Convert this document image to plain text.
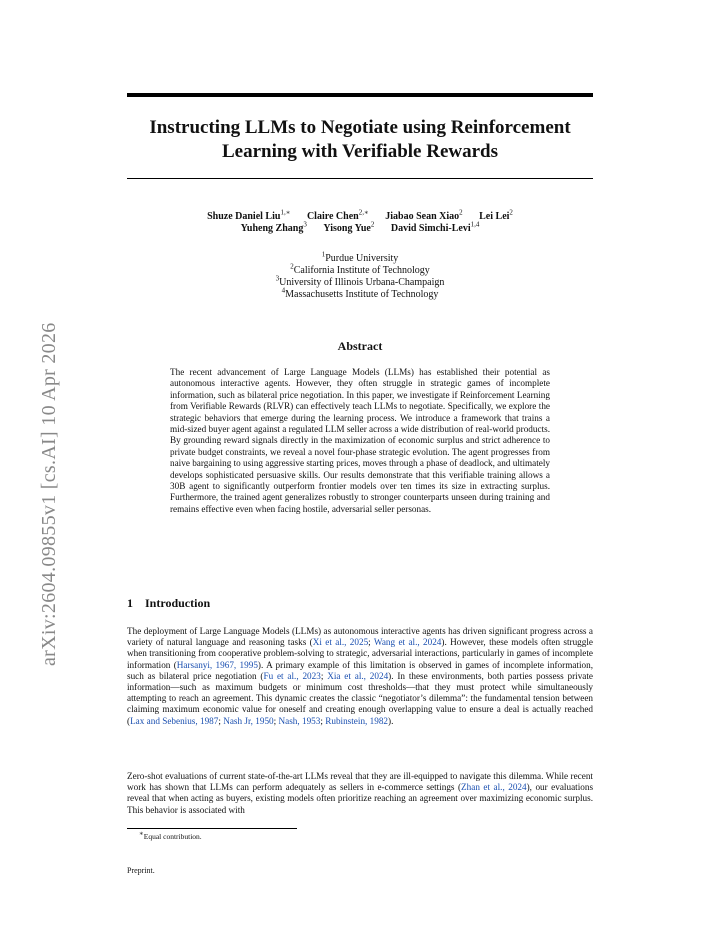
arXiv:2604.09855v1 [cs.AI] 10 Apr 2026
Instructing LLMs to Negotiate using Reinforcement Learning with Verifiable Rewards
Shuze Daniel Liu$^{1,∗}$ Claire Chen$^{2,∗}$ Jiabao Sean Xiao$^2$ Lei Lei$^2$
Yuheng Zhang$^3$ Yisong Yue$^2$ David Simchi-Levi$^{1,4}$
$^1$Purdue University
$^2$California Institute of Technology
$^3$University of Illinois Urbana-Champaign
$^4$Massachusetts Institute of Technology
Abstract
The recent advancement of Large Language Models (LLMs) has established their potential as autonomous interactive agents. However, they often struggle in strategic games of incomplete information, such as bilateral price negotiation. In this paper, we investigate if Reinforcement Learning from Verifiable Rewards (RLVR) can effectively teach LLMs to negotiate. Specifically, we explore the strategic behaviors that emerge during the learning process. We introduce a framework that trains a mid-sized buyer agent against a regulated LLM seller across a wide distribution of real-world products. By grounding reward signals directly in the maximization of economic surplus and strict adherence to private budget constraints, we reveal a novel four-phase strategic evolution. The agent progresses from naive bargaining to using aggressive starting prices, moves through a phase of deadlock, and ultimately develops sophisticated persuasive skills. Our results demonstrate that this verifiable training allows a 30B agent to significantly outperform frontier models over ten times its size in extracting surplus. Furthermore, the trained agent generalizes robustly to stronger counterparts unseen during training and remains effective even when facing hostile, adversarial seller personas.
1 Introduction
The deployment of Large Language Models (LLMs) as autonomous interactive agents has driven significant progress across a variety of natural language and reasoning tasks (Xi et al., 2025; Wang et al., 2024). However, these models often struggle when transitioning from cooperative problem-solving to strategic, adversarial interactions, particularly in games of incomplete information (Harsanyi, 1967, 1995). A primary example of this limitation is observed in games of incomplete information, such as bilateral price negotiation (Fu et al., 2023; Xia et al., 2024). In these environments, both parties possess private information—such as maximum budgets or minimum cost thresholds—that they must protect while simultaneously attempting to reach an agreement. This dynamic creates the classic “negotiator’s dilemma”: the fundamental tension between claiming maximum economic value for oneself and creating enough overlapping value to ensure a deal is actually reached (Lax and Sebenius, 1987; Nash Jr, 1950; Nash, 1953; Rubinstein, 1982).
Zero-shot evaluations of current state-of-the-art LLMs reveal that they are ill-equipped to navigate this dilemma. While recent work has shown that LLMs can perform adequately as sellers in e-commerce settings (Zhan et al., 2024), our evaluations reveal that when acting as buyers, existing models often prioritize reaching an agreement over maximizing economic surplus. This behavior is associated with
∗Equal contribution.
Preprint.
